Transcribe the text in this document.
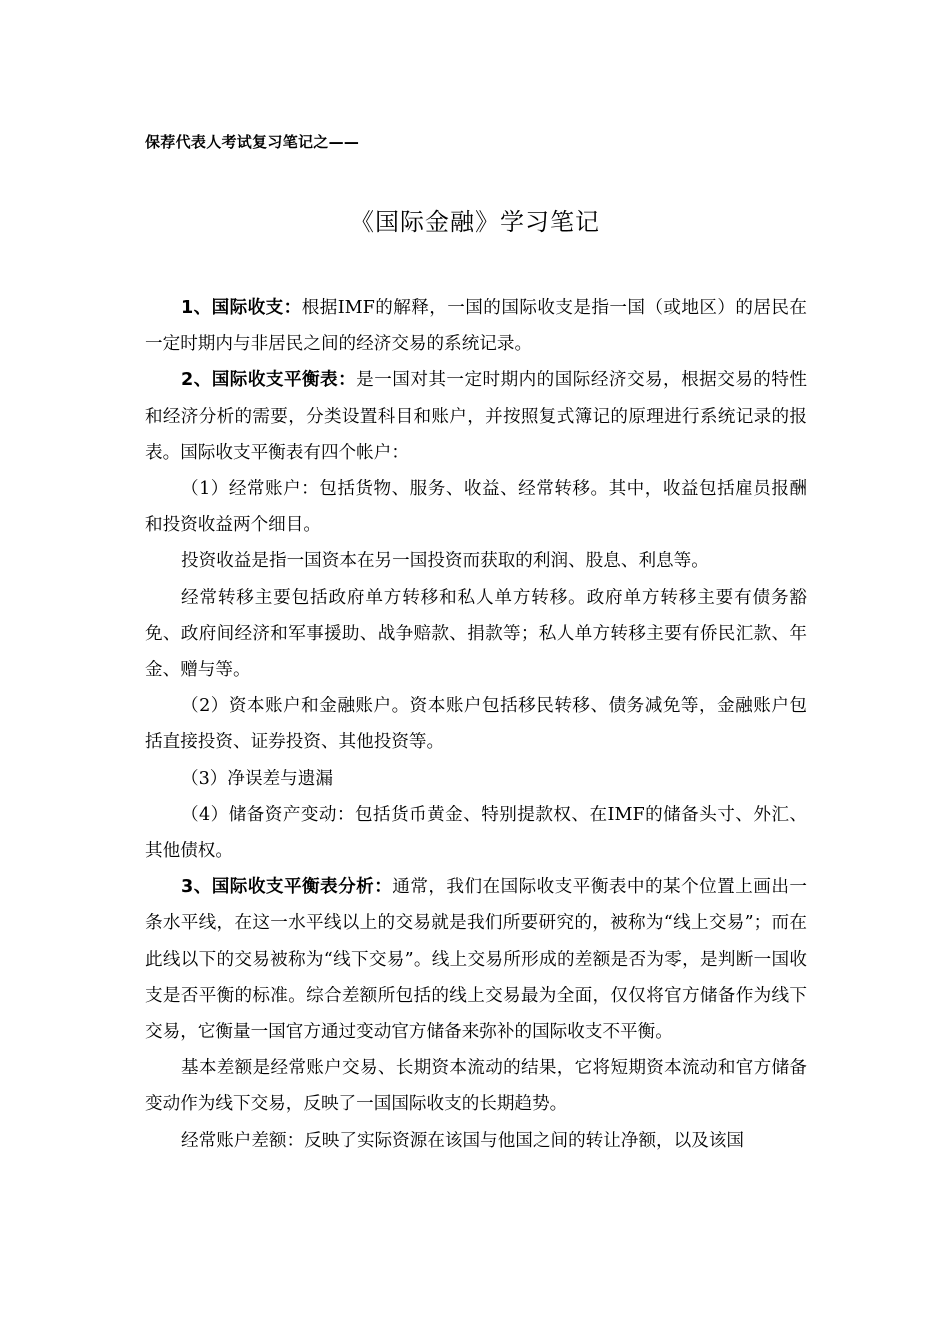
保荐代表人考试复习笔记之——
《国际金融》学习笔记

1、国际收支：根据IMF的解释，一国的国际收支是指一国（或地区）的居民在一定时期内与非居民之间的经济交易的系统记录。

2、国际收支平衡表：是一国对其一定时期内的国际经济交易，根据交易的特性和经济分析的需要，分类设置科目和账户，并按照复式簿记的原理进行系统记录的报表。国际收支平衡表有四个帐户：

（1）经常账户：包括货物、服务、收益、经常转移。其中，收益包括雇员报酬和投资收益两个细目。

投资收益是指一国资本在另一国投资而获取的利润、股息、利息等。

经常转移主要包括政府单方转移和私人单方转移。政府单方转移主要有债务豁免、政府间经济和军事援助、战争赔款、捐款等；私人单方转移主要有侨民汇款、年金、赠与等。

（2）资本账户和金融账户。资本账户包括移民转移、债务减免等，金融账户包括直接投资、证券投资、其他投资等。

（3）净误差与遗漏

（4）储备资产变动：包括货币黄金、特别提款权、在IMF的储备头寸、外汇、其他债权。

3、国际收支平衡表分析：通常，我们在国际收支平衡表中的某个位置上画出一条水平线，在这一水平线以上的交易就是我们所要研究的，被称为“线上交易”；而在此线以下的交易被称为“线下交易”。线上交易所形成的差额是否为零，是判断一国收支是否平衡的标准。综合差额所包括的线上交易最为全面，仅仅将官方储备作为线下交易，它衡量一国官方通过变动官方储备来弥补的国际收支不平衡。

基本差额是经常账户交易、长期资本流动的结果，它将短期资本流动和官方储备变动作为线下交易，反映了一国国际收支的长期趋势。

经常账户差额：反映了实际资源在该国与他国之间的转让净额，以及该国
